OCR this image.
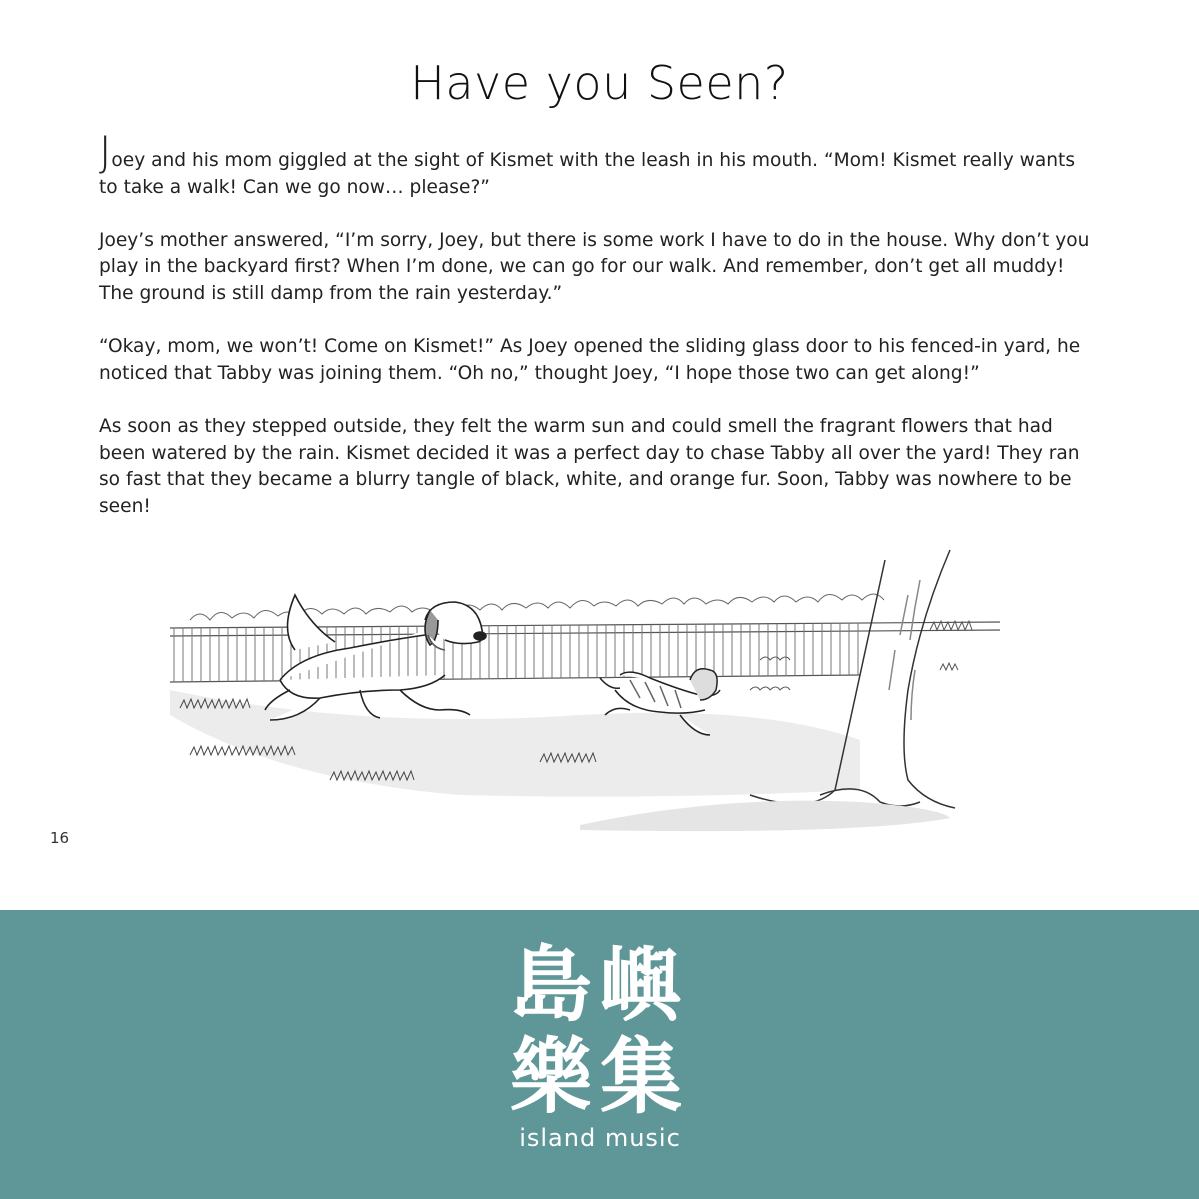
Have you Seen?

Joey and his mom giggled at the sight of Kismet with the leash in his mouth. “Mom! Kismet really wants to take a walk! Can we go now… please?”

Joey’s mother answered, “I’m sorry, Joey, but there is some work I have to do in the house. Why don’t you play in the backyard first? When I’m done, we can go for our walk. And remember, don’t get all muddy! The ground is still damp from the rain yesterday.”

“Okay, mom, we won’t! Come on Kismet!” As Joey opened the sliding glass door to his fenced-in yard, he noticed that Tabby was joining them. “Oh no,” thought Joey, “I hope those two can get along!”

As soon as they stepped outside, they felt the warm sun and could smell the fragrant flowers that had been watered by the rain. Kismet decided it was a perfect day to chase Tabby all over the yard! They ran so fast that they became a blurry tangle of black, white, and orange fur. Soon, Tabby was nowhere to be seen!

16
島嶼
樂集
island music
